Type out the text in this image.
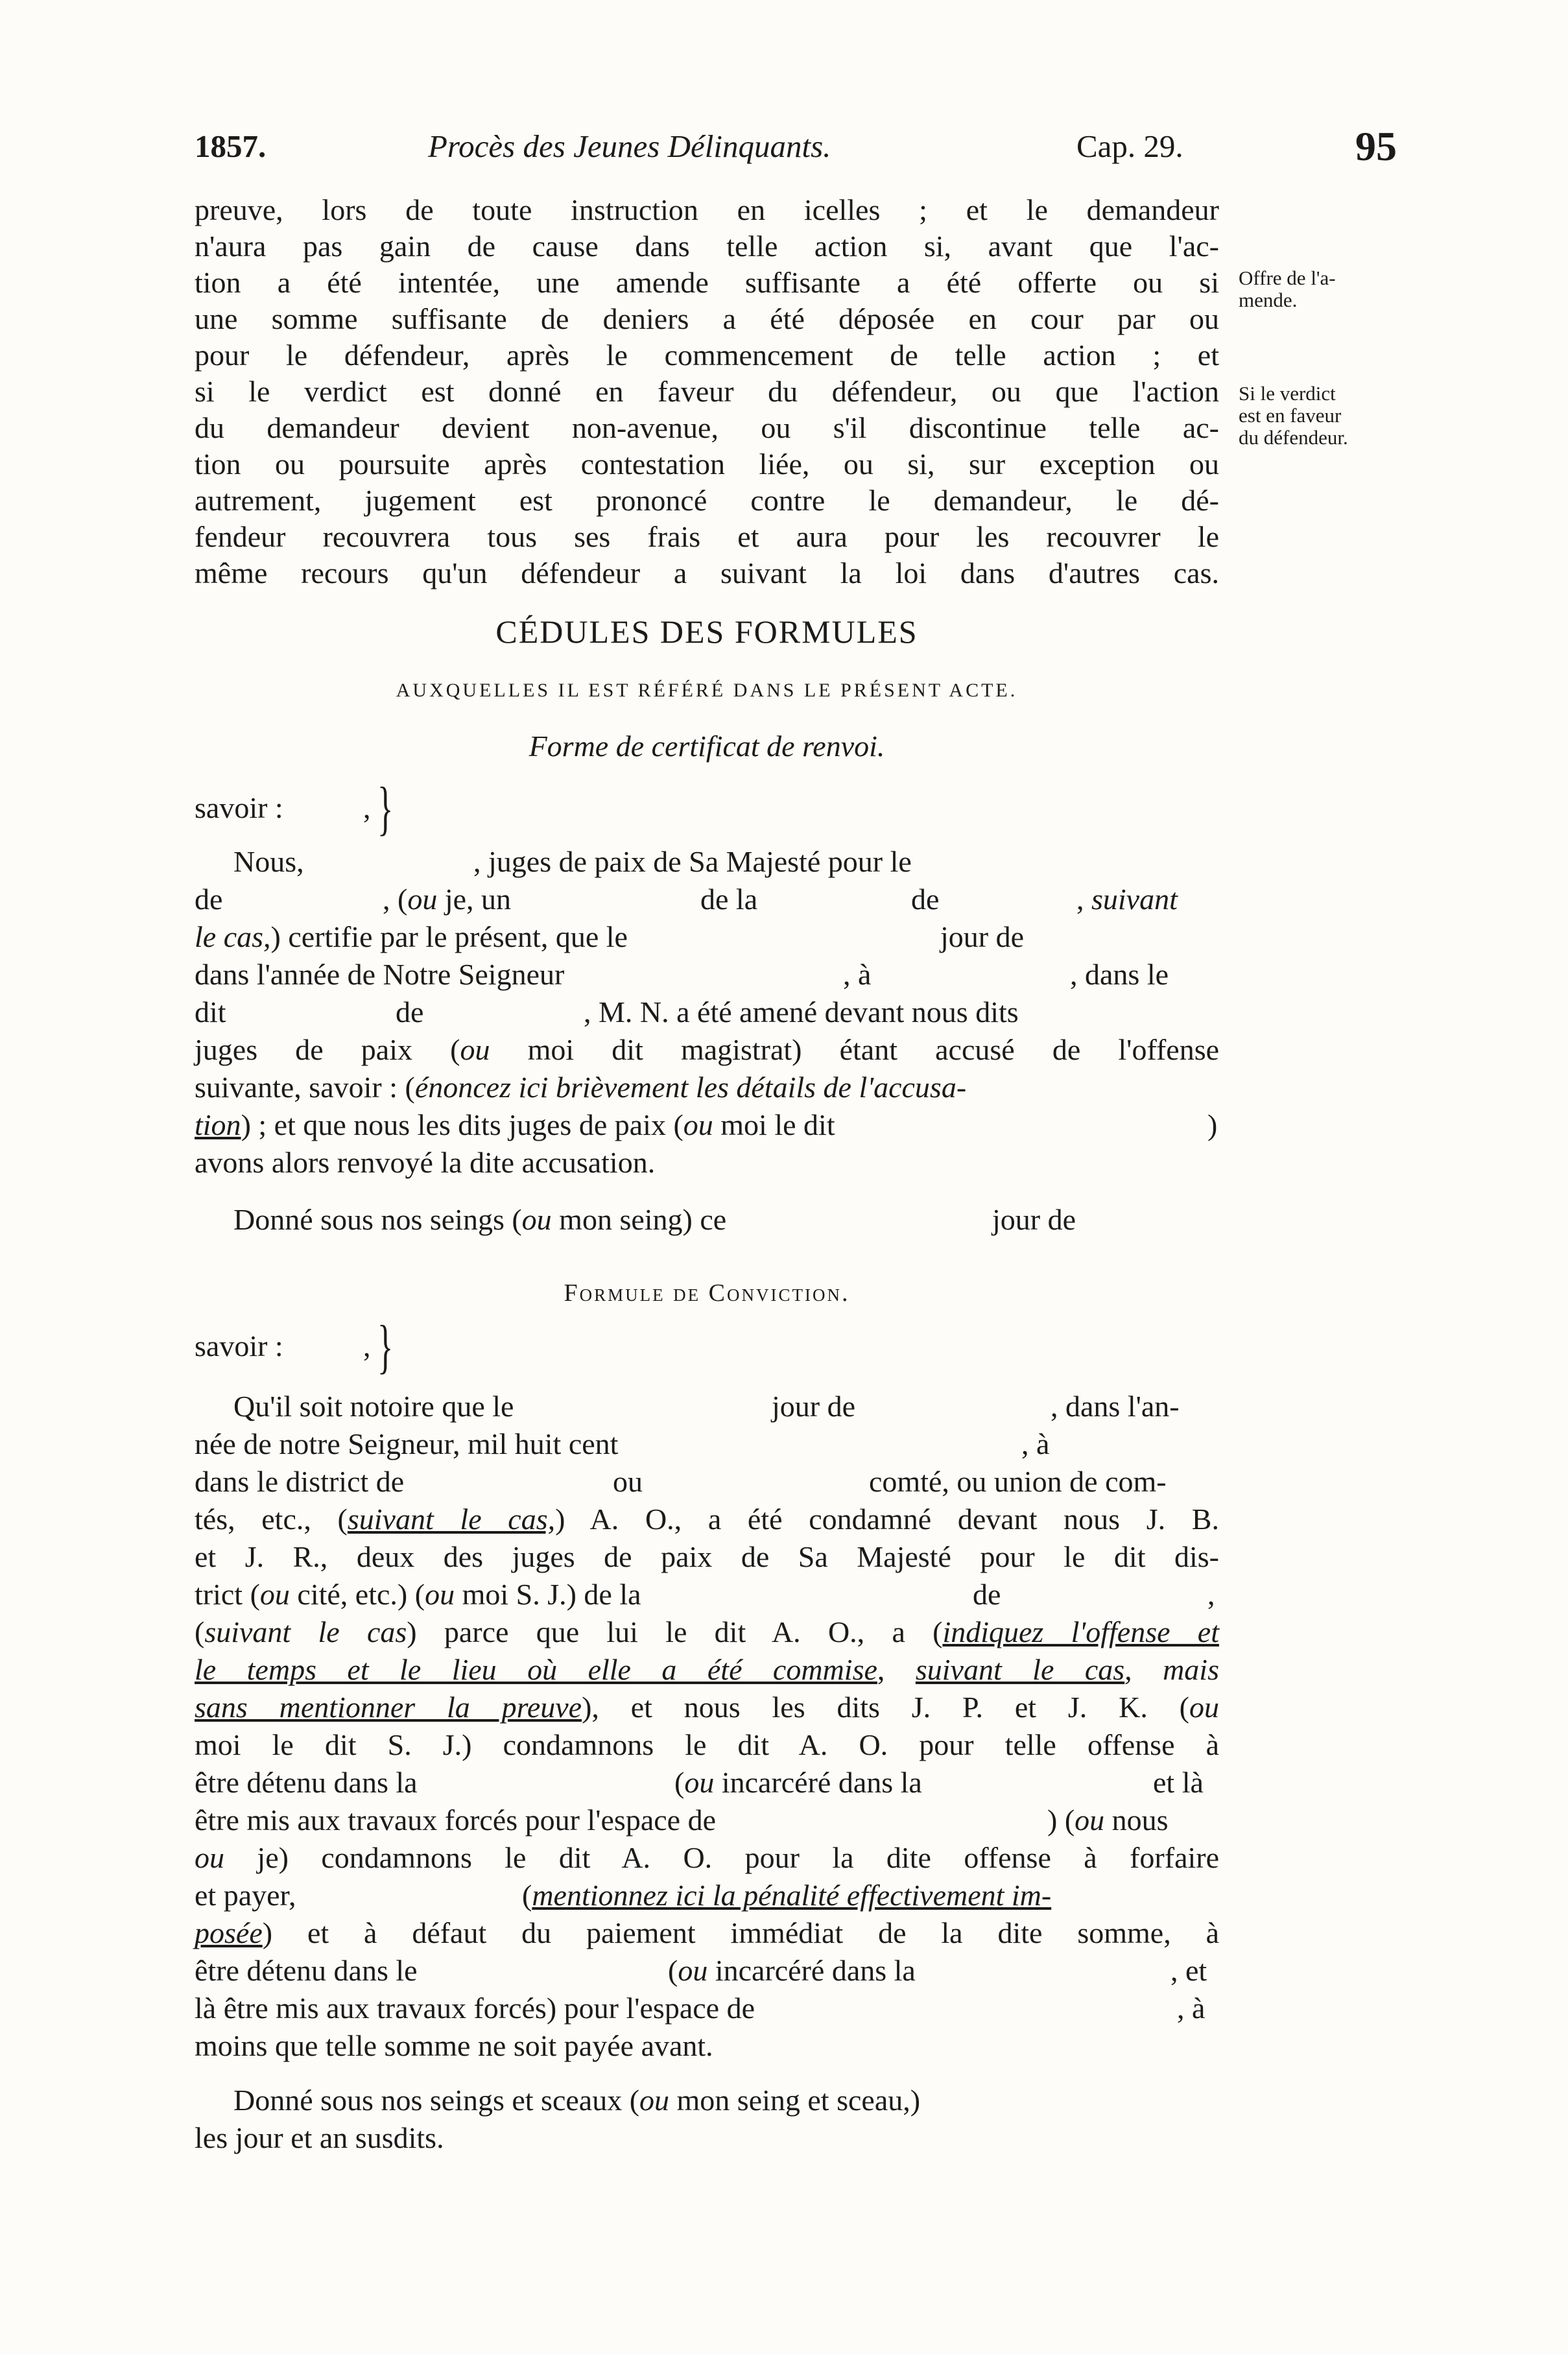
1857.	Procès des Jeunes Délinquants.	Cap. 29.	95
Offre de l'a-
mende.
Si le verdict
est en faveur
du défendeur.
preuve, lors de toute instruction en icelles ; et le demandeur
n'aura pas gain de cause dans telle action si, avant que l'ac-
tion a été intentée, une amende suffisante a été offerte ou si
une somme suffisante de deniers a été déposée en cour par ou
pour le défendeur, après le commencement de telle action ; et
si le verdict est donné en faveur du défendeur, ou que l'action
du demandeur devient non-avenue, ou s'il discontinue telle ac-
tion ou poursuite après contestation liée, ou si, sur exception ou
autrement, jugement est prononcé contre le demandeur, le dé-
fendeur recouvrera tous ses frais et aura pour les recouvrer le
même recours qu'un défendeur a suivant la loi dans d'autres cas.
CÉDULES DES FORMULES
AUXQUELLES IL EST RÉFÉRÉ DANS LE PRÉSENT ACTE.
Forme de certificat de renvoi.
savoir :	, }
Nous,	, juges de paix de Sa Majesté pour le
de	, (ou je, un	de la	de	, suivant
le cas,) certifie par le présent, que le	jour de
dans l'année de Notre Seigneur	, à	, dans le
dit	de	, M. N. a été amené devant nous dits
juges de paix (ou moi dit magistrat) étant accusé de l'offense
suivante, savoir : (énoncez ici brièvement les détails de l'accusa-
tion) ; et que nous les dits juges de paix (ou moi le dit	)
avons alors renvoyé la dite accusation.
Donné sous nos seings (ou mon seing) ce	jour de
Formule de Conviction.
savoir :	, }
Qu'il soit notoire que le	jour de	, dans l'an-
née de notre Seigneur, mil huit cent	, à
dans le district de	ou	comté, ou union de com-
tés, etc., (suivant le cas,) A. O., a été condamné devant nous J. B.
et J. R., deux des juges de paix de Sa Majesté pour le dit dis-
trict (ou cité, etc.) (ou moi S. J.) de la	de	,
(suivant le cas) parce que lui le dit A. O., a (indiquez l'offense et
le temps et le lieu où elle a été commise, suivant le cas, mais
sans mentionner la preuve), et nous les dits J. P. et J. K. (ou
moi le dit S. J.) condamnons le dit A. O. pour telle offense à
être détenu dans la	(ou incarcéré dans la	et là
être mis aux travaux forcés pour l'espace de	) (ou nous
ou je) condamnons le dit A. O. pour la dite offense à forfaire
et payer,	(mentionnez ici la pénalité effectivement im-
posée) et à défaut du paiement immédiat de la dite somme, à
être détenu dans le	(ou incarcéré dans la	, et
là être mis aux travaux forcés) pour l'espace de	, à
moins que telle somme ne soit payée avant.
Donné sous nos seings et sceaux (ou mon seing et sceau,)
les jour et an susdits.
